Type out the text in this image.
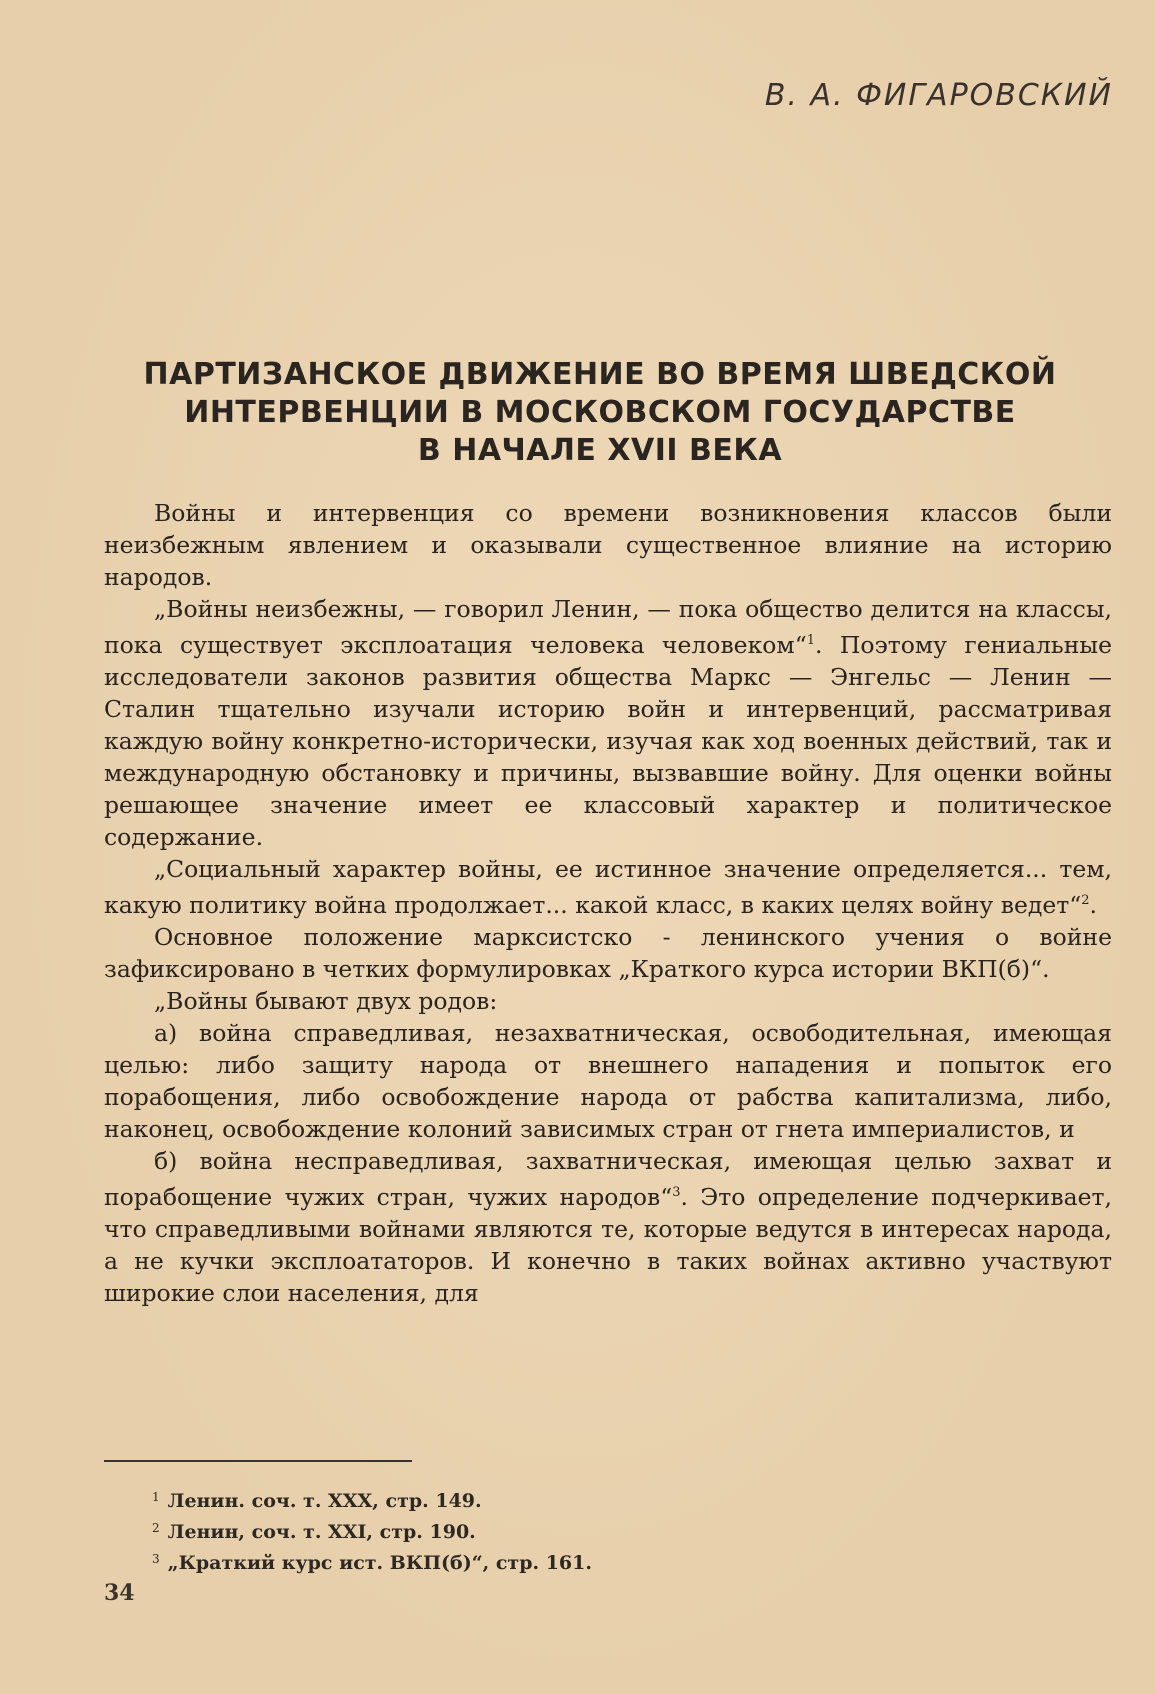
В. А. ФИГАРОВСКИЙ
ПАРТИЗАНСКОЕ ДВИЖЕНИЕ ВО ВРЕМЯ ШВЕДСКОЙ
ИНТЕРВЕНЦИИ В МОСКОВСКОМ ГОСУДАРСТВЕ
В НАЧАЛЕ XVII ВЕКА

Войны и интервенция со времени возникновения классов были неизбежным явлением и оказывали существенное влияние на историю народов.

„Войны неизбежны, — говорил Ленин, — пока общество делится на классы, пока существует эксплоатация человека человеком“$^1$. Поэтому гениальные исследователи законов развития общества Маркс — Энгельс — Ленин — Сталин тщательно изучали историю войн и интервенций, рассматривая каждую войну конкретно-исторически, изучая как ход военных действий, так и международную обстановку и причины, вызвавшие войну. Для оценки войны решающее значение имеет ее классовый характер и политическое содержание.

„Социальный характер войны, ее истинное значение определяется... тем, какую политику война продолжает... какой класс, в каких целях войну ведет“$^2$.

Основное положение марксистско - ленинского учения о войне зафиксировано в четких формулировках „Краткого курса истории ВКП(б)“.

„Войны бывают двух родов:

а) война справедливая, незахватническая, освободительная, имеющая целью: либо защиту народа от внешнего нападения и попыток его порабощения, либо освобождение народа от рабства капитализма, либо, наконец, освобождение колоний зависимых стран от гнета империалистов, и

б) война несправедливая, захватническая, имеющая целью захват и порабощение чужих стран, чужих народов“$^3$. Это определение подчеркивает, что справедливыми войнами являются те, которые ведутся в интересах народа, а не кучки эксплоататоров. И конечно в таких войнах активно участвуют широкие слои населения, для

$^1$ Ленин. соч. т. XXX, стр. 149.
$^2$ Ленин, соч. т. XXI, стр. 190.
$^3$ „Краткий курс ист. ВКП(б)“, стр. 161.
34
